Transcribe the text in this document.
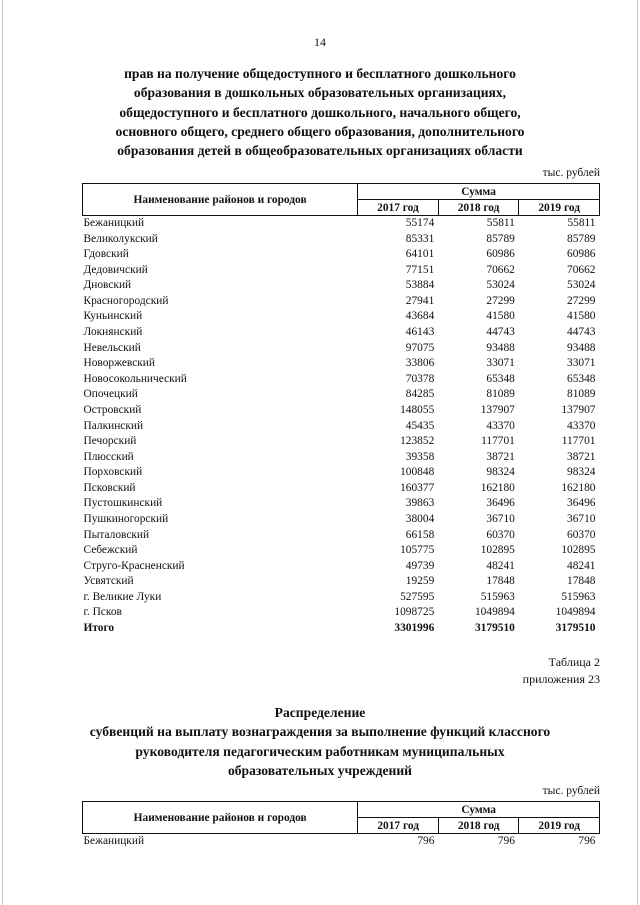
14
прав на получение общедоступного и бесплатного дошкольного
образования в дошкольных образовательных организациях,
общедоступного и бесплатного дошкольного, начального общего,
основного общего, среднего общего образования, дополнительного
образования детей в общеобразовательных организациях области
тыс. рублей
Наименование районов и городов	Сумма		
	2017 год	2018 год	2019 год
Бежаницкий	55174	55811	55811
Великолукский	85331	85789	85789
Гдовский	64101	60986	60986
Дедовичский	77151	70662	70662
Дновский	53884	53024	53024
Красногородский	27941	27299	27299
Куньинский	43684	41580	41580
Локнянский	46143	44743	44743
Невельский	97075	93488	93488
Новоржевский	33806	33071	33071
Новосокольнический	70378	65348	65348
Опочецкий	84285	81089	81089
Островский	148055	137907	137907
Палкинский	45435	43370	43370
Печорский	123852	117701	117701
Плюсский	39358	38721	38721
Порховский	100848	98324	98324
Псковский	160377	162180	162180
Пустошкинский	39863	36496	36496
Пушкиногорский	38004	36710	36710
Пыталовский	66158	60370	60370
Себежский	105775	102895	102895
Струго-Красненский	49739	48241	48241
Усвятский	19259	17848	17848
г. Великие Луки	527595	515963	515963
г. Псков	1098725	1049894	1049894
Итого	3301996	3179510	3179510
Таблица 2
приложения 23
Распределение
субвенций на выплату вознаграждения за выполнение функций классного
руководителя педагогическим работникам муниципальных
образовательных учреждений
тыс. рублей
Наименование районов и городов	Сумма		
	2017 год	2018 год	2019 год
Бежаницкий	796	796	796
